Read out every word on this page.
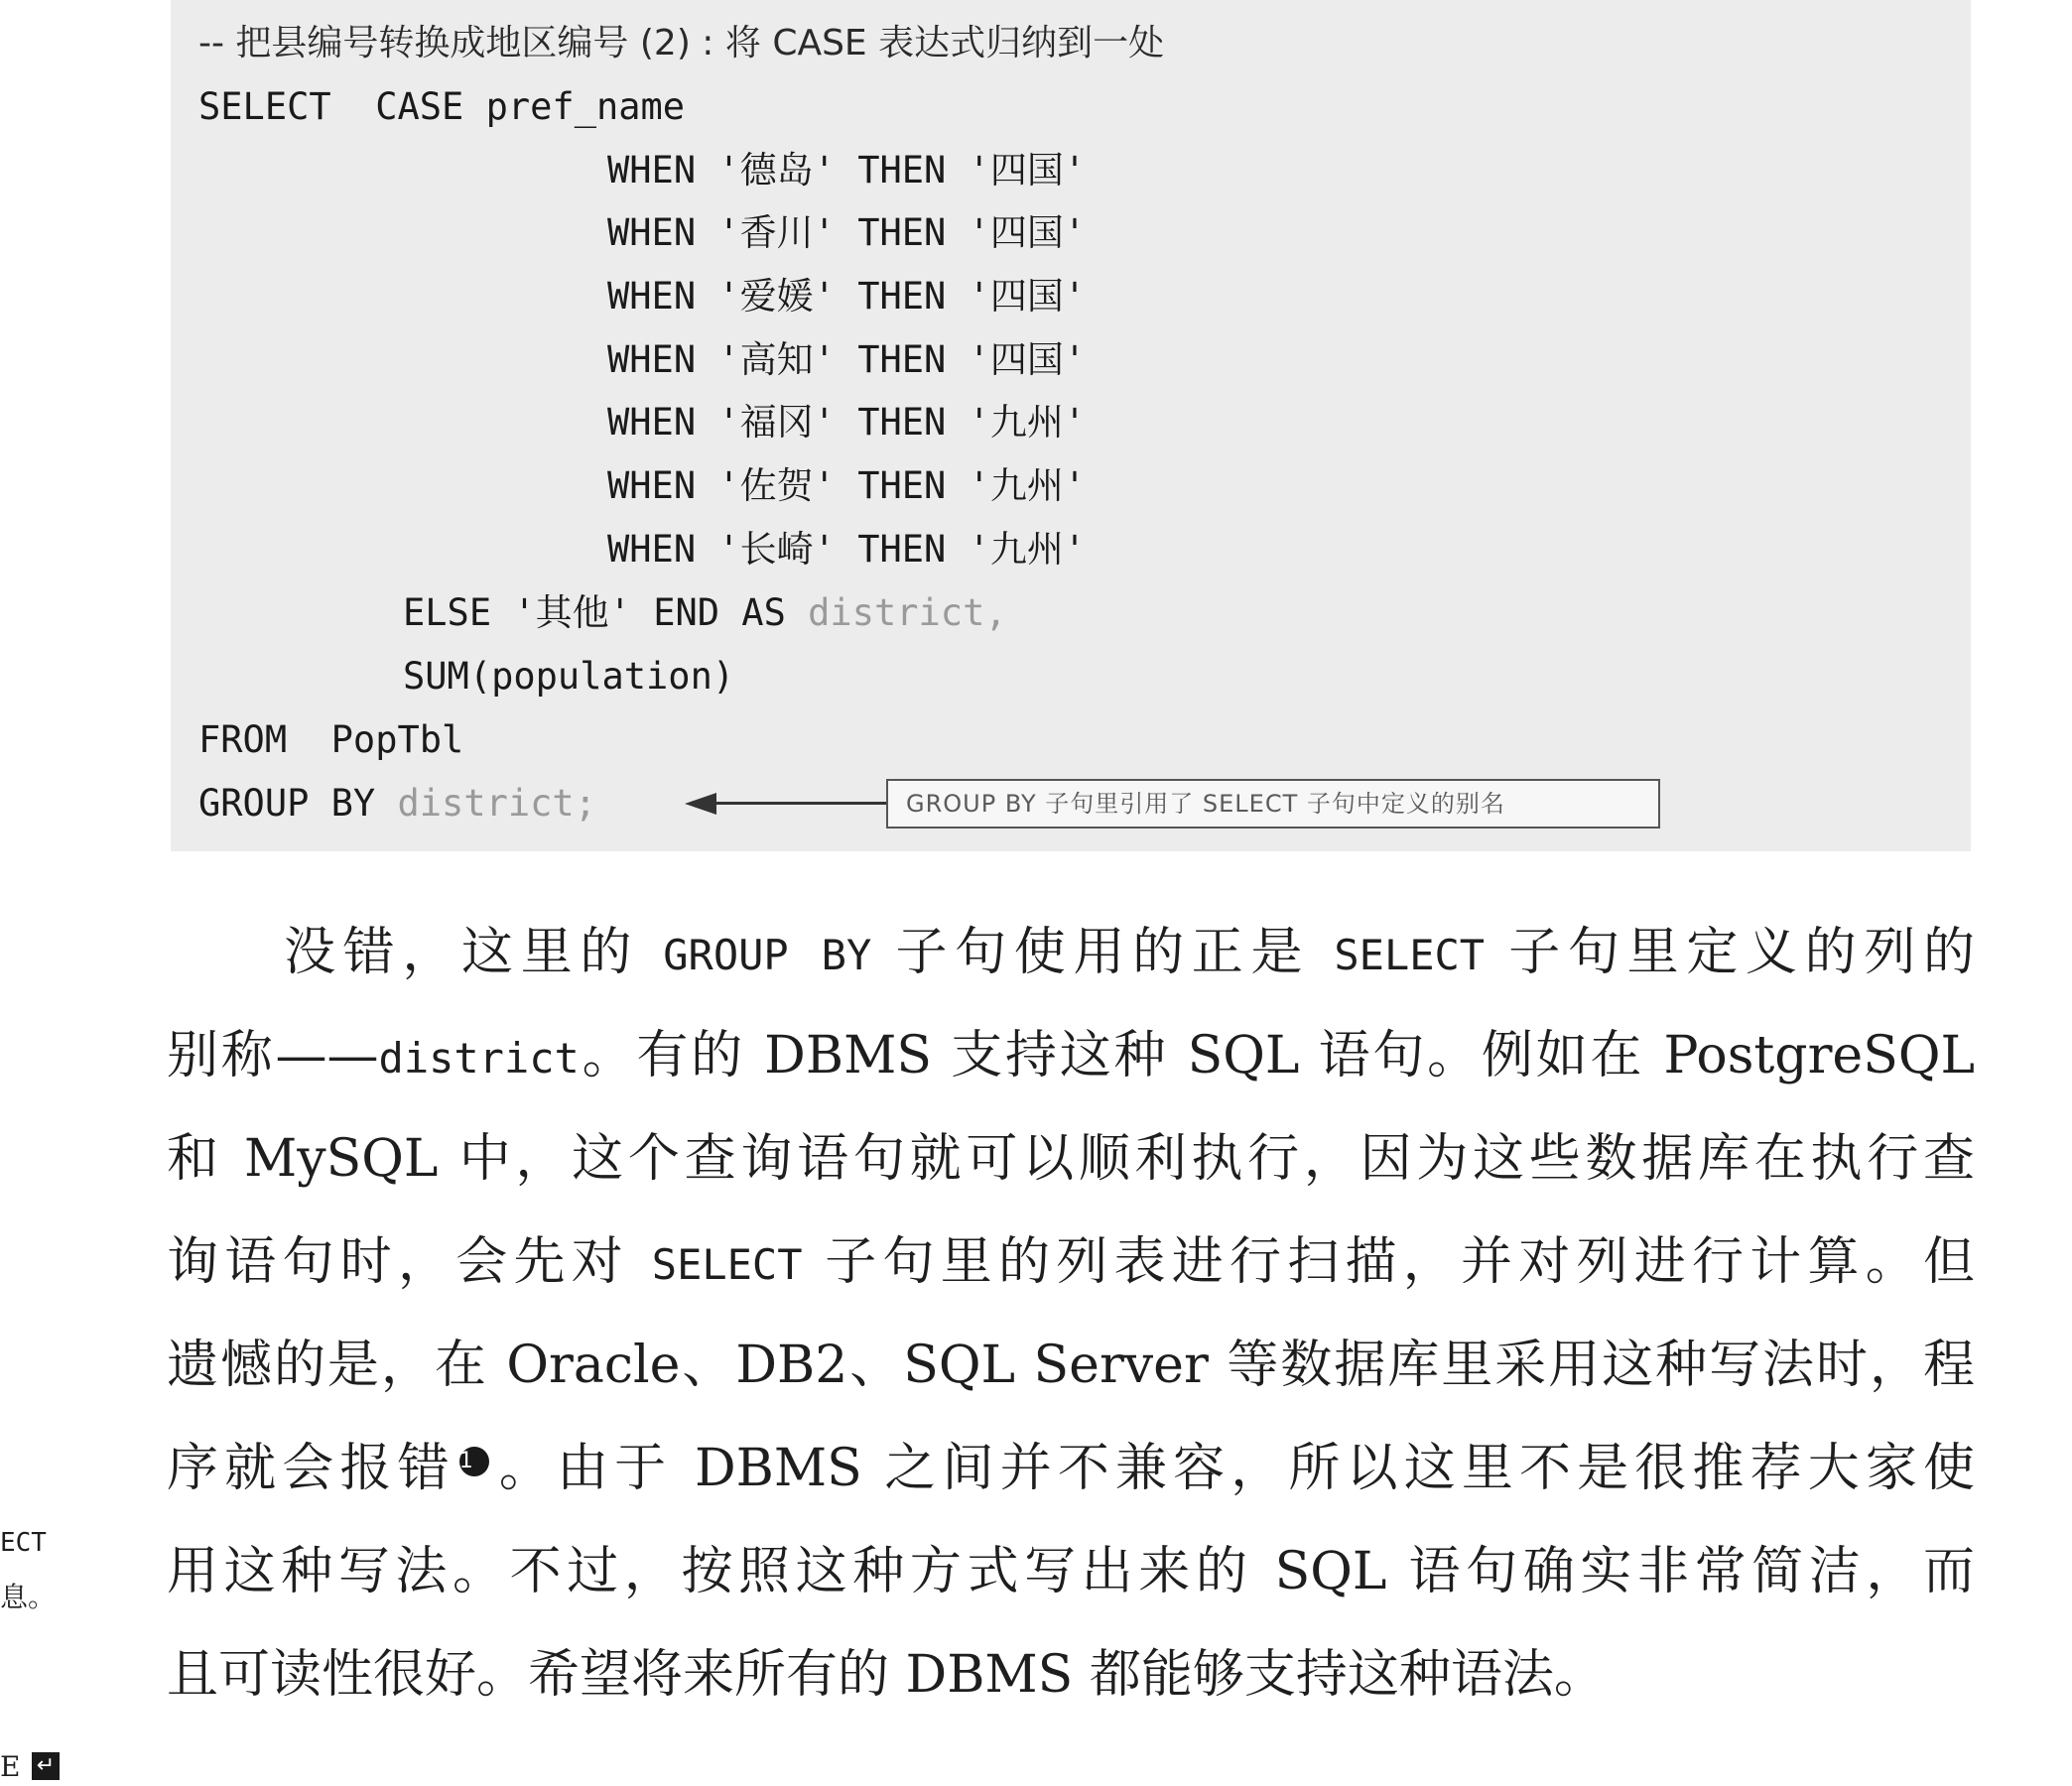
-- 把县编号转换成地区编号 (2) : 将 CASE 表达式归纳到一处
SELECT  CASE pref_name
WHEN '德岛' THEN '四国'
WHEN '香川' THEN '四国'
WHEN '爱媛' THEN '四国'
WHEN '高知' THEN '四国'
WHEN '福冈' THEN '九州'
WHEN '佐贺' THEN '九州'
WHEN '长崎' THEN '九州'
ELSE '其他' END AS district,
SUM(population)
FROM  PopTbl
GROUP BY district;	GROUP BY 子句里引用了 SELECT 子句中定义的别名
没错，这里的 GROUP BY 子句使用的正是 SELECT 子句里定义的列的
别称——district。有的 DBMS 支持这种 SQL 语句。例如在 PostgreSQL
和 MySQL 中，这个查询语句就可以顺利执行，因为这些数据库在执行查
询语句时，会先对 SELECT 子句里的列表进行扫描，并对列进行计算。但
遗憾的是，在 Oracle、DB2、SQL Server 等数据库里采用这种写法时，程
序就会报错 1 。由于 DBMS 之间并不兼容，所以这里不是很推荐大家使
用这种写法。不过，按照这种方式写出来的 SQL 语句确实非常简洁，而
且可读性很好。希望将来所有的 DBMS 都能够支持这种语法。
ECT
息。
E ↵
